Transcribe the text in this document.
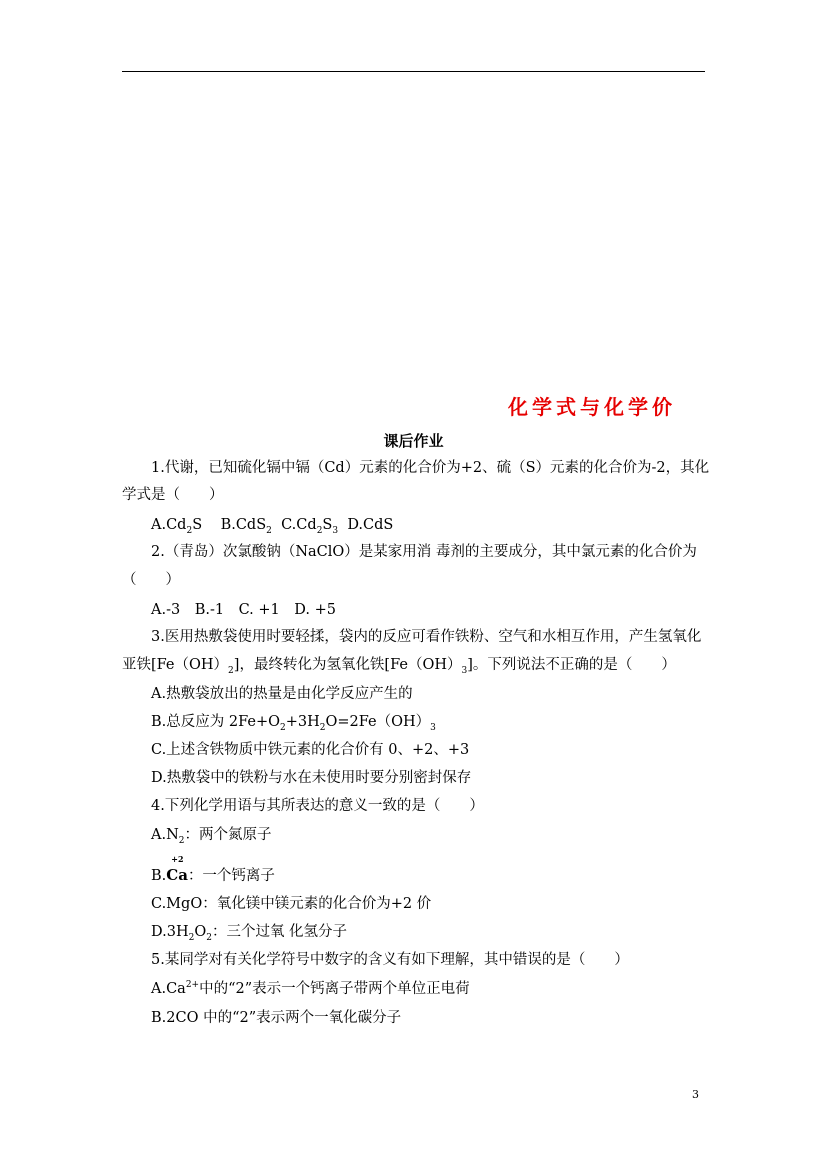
化学式与化学价
课后作业
1.代谢，已知硫化镉中镉（Cd）元素的化合价为+2、硫（S）元素的化合价为-2，其化
学式是（　　）
$A.Cd_2S$ B.CdS$_2$ $C.Cd_2S_3$ D.CdS
2.（青岛）次氯酸钠（NaClO）是某家用消 毒剂的主要成分，其中氯元素的化合价为
（　　）
A.-3　B.-1　C. +1　D. +5
3.医用热敷袋使用时要轻揉，袋内的反应可看作铁粉、空气和水相互作用，产生氢氧化
亚铁$[Fe(OH)_2]$，最终转化为氢氧化铁$[Fe(OH)_3]$。下列说法不正确的是（　　）
A.热敷袋放出的热量是由化学反应产生的
B.总反应为 $2Fe+O_2+3H_2O=2Fe(OH)_3$
C.上述含铁物质中铁元素的化合价有 0、+2、+3
D.热敷袋中的铁粉与水在未使用时要分别密封保存
4.下列化学用语与其所表达的意义一致的是（　　）
$A.N_2$：两个氮原子
B.
+2
Ca：一个钙离子
C.MgO：氧化镁中镁元素的化合价为+2 价
$D.3H_2O_2$：三个过氧 化氢分子
5.某同学对有关化学符号中数字的含义有如下理解，其中错误的是（　　）
$A.Ca^{2+}$中的“2”表示一个钙离子带两个单位正电荷
B.2CO 中的“2”表示两个一氧化碳分子
3
